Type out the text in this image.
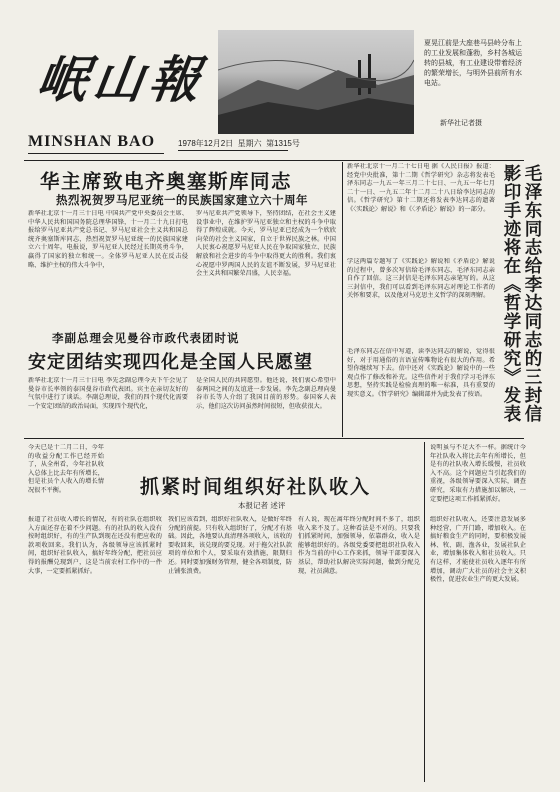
岷山報
MINSHAN BAO	1978年12月2日 星期六 第1315号
夏晃江前是大座巷马县岭分布上的工业发展和蓬勃，乡村各城运转的县城，有工业建设带着经济的繁荣增长，与明外县前所有水电站。
新华社记者摄
华主席致电齐奥塞斯库同志
热烈祝贺罗马尼亚统一的民族国家建立六十周年
新华社北京十一月三十日电 中国共产党中央委员会主席、中华人民共和国国务院总理华国锋，十一月二十九日打电报给罗马尼亚共产党总书记、罗马尼亚社会主义共和国总统齐奥塞斯库同志，热烈祝贺罗马尼亚统一的民族国家建立六十周年。电报说，罗马尼亚人民经过长期英勇斗争，赢得了国家的独立和统一。全体罗马尼亚人民在反击侵略、维护主权的伟大斗争中，
罗马尼亚共产党领导下，坚持团结，在社会主义建设事业中，在维护罗马尼亚独立和主权的斗争中取得了辉煌成就。今天，罗马尼亚已经成为一个欣欣向荣的社会主义国家，自立于世界民族之林。中国人民衷心祝愿罗马尼亚人民在争取国家独立、民族解放和社会进步的斗争中取得更大的胜利。我们衷心祝愿中罗两国人民的友谊不断发展，罗马尼亚社会主义共和国繁荣昌盛，人民幸福。
李副总理会见曼谷市政代表团时说
安定团结实现四化是全国人民愿望
新华社北京十一月三十日电 李先念副总理今天下午会见了曼谷市长率领的泰国曼谷市政代表团。宾主在亲切友好的气氛中进行了谈话。李副总理说，我们的四个现代化需要一个安定团结的政治局面，实现四个现代化，
是全国人民的共同愿望。他还说，我们衷心希望中泰两国之间的友谊进一步发展。李先念副总理向曼谷市长等人介绍了我国目前的形势。泰国客人表示，他们这次访问虽然时间很短，但收获很大。
新华社北京十一月二十七日电 据《人民日报》报道：经党中央批准，第十二期《哲学研究》杂志将发表毛泽东同志一九五一年三月二十七日、一九五一年七月二十一日、一九五二年十二月二十八日给李达同志的信。《哲学研究》第十二期还将发表李达同志的遗著《〈实践论〉解说》和《〈矛盾论〉解说》的一部分。
学这两篇专题写了《实践论》解说和《矛盾论》解说的过程中，曾多次写信给毛泽东同志，毛泽东同志亲自作了回信。这三封信是毛泽东同志亲笔写的。从这三封信中，我们可以看到毛泽东同志对理论工作者的关怀和要求，以及他对马克思主义哲学的深刻理解。
毛泽东同志在信中写道，读李达同志的解说，觉得很好，对于用通俗的言语宣传唯物论有很大的作用。希望你继续写下去。信中还对《实践论》解说中的一些观点作了修改和补充。这些信件对于我们学习毛泽东思想，坚持实践是检验真理的唯一标准，具有重要的现实意义。《哲学研究》编辑部并为此发表了按语。	毛泽东同志给李达同志的三封信影印手迹将在《哲学研究》发表
今天已是十二月二日，今年的收益分配工作已经开始了，从全州看，今年社队收入总体上比去年有所增长，但是社员个人收入的增长情况很不平衡。	抓紧时间组织好社队收入
本报记者 述评
报道了社员收入增长的情况，有的社队在组织收入方面还存在着不少问题。有的社队的收入没有按时组织好，有的生产队到现在还没有把应收的款项收回来。我们认为，各级领导应该抓紧时间，组织好社队收入，搞好年终分配，把社员应得的报酬兑现到户，这是当前农村工作中的一件大事，一定要抓紧抓好。
我们应该看到，组织好社队收入，是做好年终分配的前提。只有收入组织好了，分配才有基础。因此，各地要认真清理各项收入，该收的要收回来，该兑现的要兑现。对于拖欠社队款项的单位和个人，要采取有效措施，限期归还。同时要加强财务管理，健全各项制度，防止铺张浪费。
有人说，现在离年终分配时间不多了，组织收入来不及了。这种看法是不对的。只要我们抓紧时间，加强领导，依靠群众，收入是能够组织好的。各级党委要把组织社队收入作为当前的中心工作来抓，领导干部要深入基层，帮助社队解决实际问题，做到分配兑现，社员满意。
组织好社队收入，还要注意发展多种经营，广开门路，增加收入。在搞好粮食生产的同时，要积极发展林、牧、副、渔各业，发展社队企业，增加集体收入和社员收入。只有这样，才能使社员收入逐年有所增加，调动广大社员的社会主义积极性，促进农业生产的更大发展。
说明虽与不足大不一样。据统计今年社队收入将比去年有所增长，但是有的社队收入增长缓慢，社员收入不高。这个问题应当引起我们的重视，各级领导要深入实际，调查研究，采取有力措施加以解决，一定要把这项工作抓紧抓好。
